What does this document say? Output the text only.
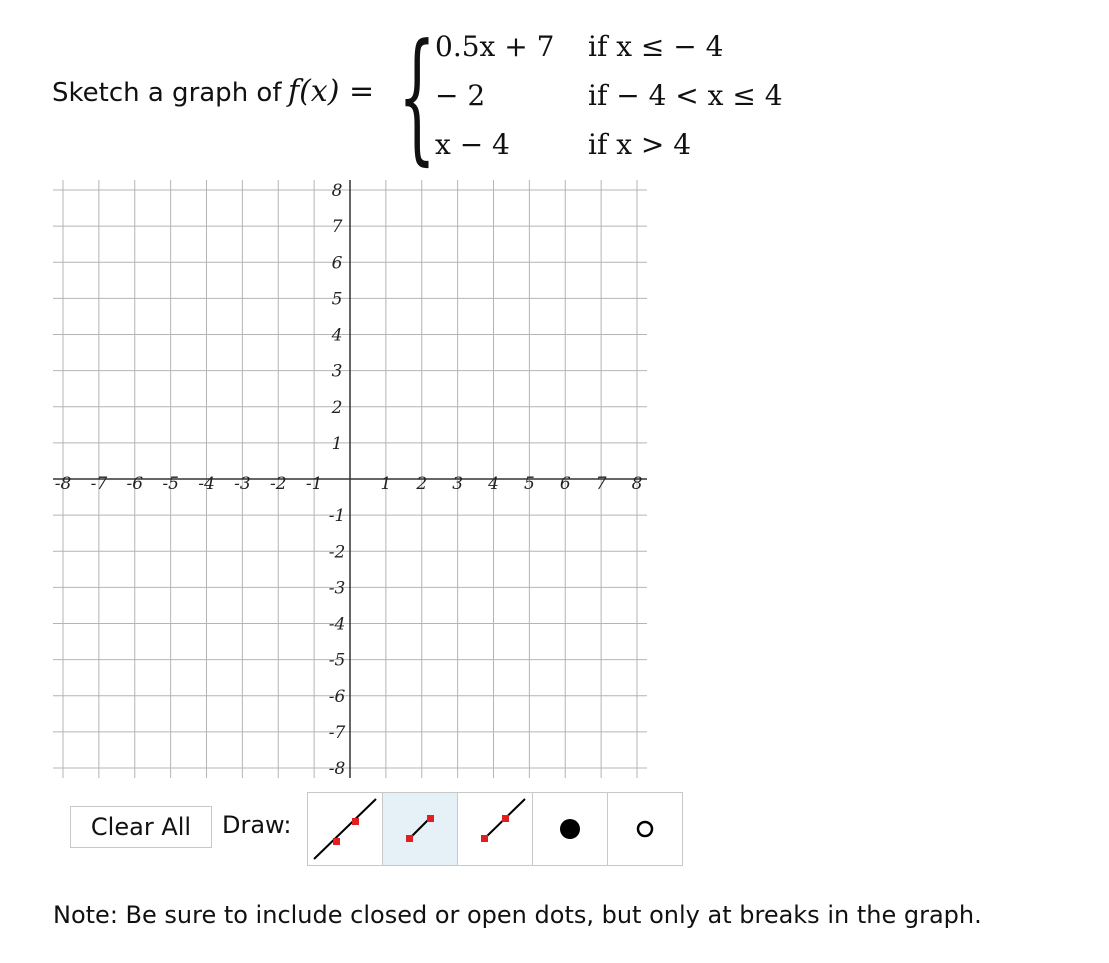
Sketch a graph of f(x) = { 0.5x + 7 if x ≤ − 4
− 2	if − 4 < x ≤ 4
x − 4	if x > 4
-8 -7 -6 -5 -4 -3 -2 -1	1 2 3 4 5 6 7 8
8
7
6
5
4
3
2
1
-1
-2
-3
-4
-5
-6
-7
-8
Clear All	Draw:
Note: Be sure to include closed or open dots, but only at breaks in the graph.
